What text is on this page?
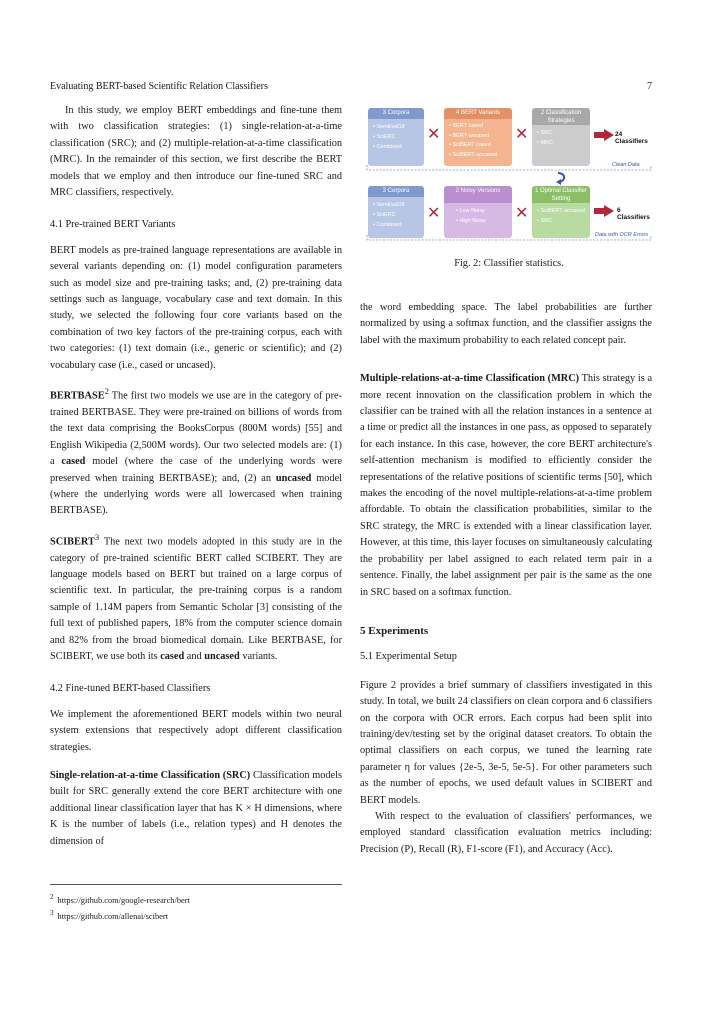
Evaluating BERT-based Scientific Relation Classifiers	7

In this study, we employ BERT embeddings and fine-tune them with two classification strategies: (1) single-relation-at-a-time classification (SRC); and (2) multiple-relation-at-a-time classification (MRC). In the remainder of this section, we first describe the BERT models that we employ and then introduce our fine-tuned SRC and MRC classifiers, respectively.

4.1 Pre-trained BERT Variants

BERT models as pre-trained language representations are available in several variants depending on: (1) model configuration parameters such as model size and pre-training tasks; and, (2) pre-training data settings such as language, vocabulary case and text domain. In this study, we selected the following four core variants based on the combination of two key factors of the pre-training corpus, each with two categories: (1) text domain (i.e., generic or scientific); and (2) vocabulary case (i.e., cased or uncased).

BERTBASE$^2$ The first two models we use are in the category of pre-trained BERTBASE. They were pre-trained on billions of words from the text data comprising the BooksCorpus (800M words) [55] and English Wikipedia (2,500M words). Our two selected models are: (1) a cased model (where the case of the underlying words were preserved when training BERTBASE); and, (2) an uncased model (where the underlying words were all lowercased when training BERTBASE).

SCIBERT$^3$ The next two models adopted in this study are in the category of pre-trained scientific BERT called SCIBERT. They are language models based on BERT but trained on a large corpus of scientific text. In particular, the pre-training corpus is a random sample of 1.14M papers from Semantic Scholar [3] consisting of the full text of published papers, 18% from the computer science domain and 82% from the broad biomedical domain. Like BERTBASE, for SCIBERT, we use both its cased and uncased variants.

4.2 Fine-tuned BERT-based Classifiers

We implement the aforementioned BERT models within two neural system extensions that respectively adopt different classification strategies.

Single-relation-at-a-time Classification (SRC) Classification models built for SRC generally extend the core BERT architecture with one additional linear classification layer that has K × H dimensions, where K is the number of labels (i.e., relation types) and H denotes the dimension of

$^2$ https://github.com/google-research/bert
$^3$ https://github.com/allenai/scibert
3 Corpora
• SemEval18
• SciERC
• Combined
✕
4 BERT Variants
• BERT cased
• BERT uncased
• SciBERT cased
• SciBERT uncased
✕
2 Classification Strategies
• SRC
• MRC
24 Classifiers
Clean Data
3 Corpora
• SemEval18
• SciERC
• Combined
✕
2 Noisy Versions
• Low Noisy
• High Noisy	✕
1 Optimal Classifier Setting
• SciBERT uncased
• SRC
6 Classifiers
Data with OCR Errors
Fig. 2: Classifier statistics.

the word embedding space. The label probabilities are further normalized by using a softmax function, and the classifier assigns the label with the maximum probability to each related concept pair.

Multiple-relations-at-a-time Classification (MRC) This strategy is a more recent innovation on the classification problem in which the classifier can be trained with all the relation instances in a sentence at a time or predict all the instances in one pass, as opposed to separately for each instance. In this case, however, the core BERT architecture's self-attention mechanism is modified to efficiently consider the representations of the relative positions of scientific terms [50], which makes the encoding of the novel multiple-relations-at-a-time problem affordable. To obtain the classification probabilities, similar to the SRC strategy, the MRC is extended with a linear classification layer. However, at this time, this layer focuses on simultaneously calculating the probability per label assigned to each related term pair in a sentence. Finally, the label assignment per pair is the same as the one in SRC based on a softmax function.

5 Experiments
5.1 Experimental Setup

Figure 2 provides a brief summary of classifiers investigated in this study. In total, we built 24 classifiers on clean corpora and 6 classifiers on the corpora with OCR errors. Each corpus had been split into training/dev/testing set by the original dataset creators. To obtain the optimal classifiers on each corpus, we tuned the learning rate parameter η for values {2e-5, 3e-5, 5e-5}. For other parameters such as the number of epochs, we used default values in SCIBERT and BERT models.

With respect to the evaluation of classifiers' performances, we employed standard classification evaluation metrics including: Precision (P), Recall (R), F1-score (F1), and Accuracy (Acc).
